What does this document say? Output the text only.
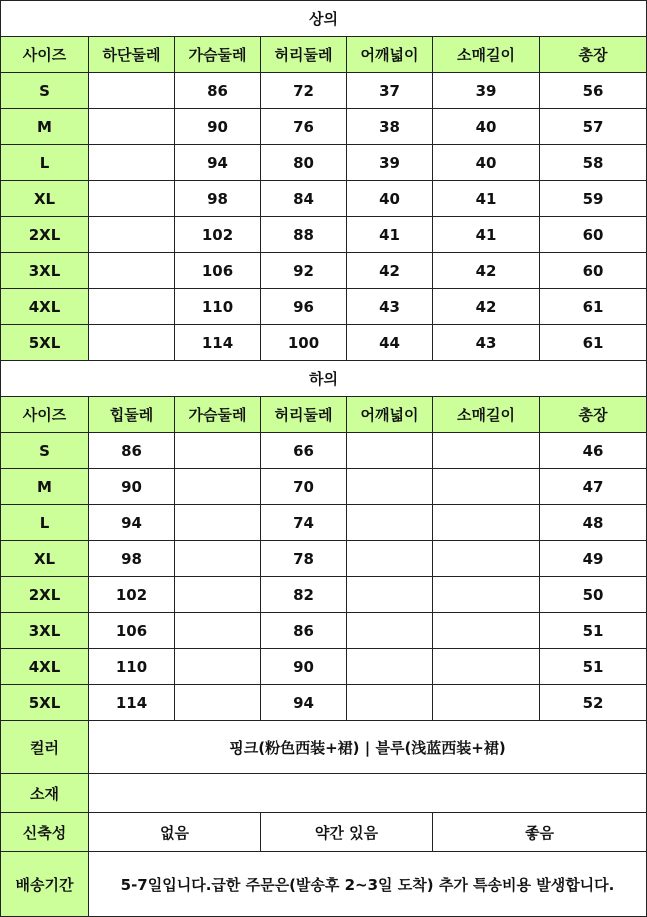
상의						
사이즈	하단둘레	가슴둘레	허리둘레	어깨넓이	소매길이	총장
S		86	72	37	39	56
M		90	76	38	40	57
L		94	80	39	40	58
XL		98	84	40	41	59
2XL		102	88	41	41	60
3XL		106	92	42	42	60
4XL		110	96	43	42	61
5XL		114	100	44	43	61
하의						
사이즈	힙둘레	가슴둘레	허리둘레	어깨넓이	소매길이	총장
S	86		66			46
M	90		70			47
L	94		74			48
XL	98		78			49
2XL	102		82			50
3XL	106		86			51
4XL	110		90			51
5XL	114		94			52
컬러	핑크(粉色西装+裙) | 블루(浅蓝西装+裙)					
소재						
신축성	없음		약간 있음		좋음	
배송기간	5-7일입니다.급한 주문은(발송후 2~3일 도착) 추가 특송비용 발생합니다.					
